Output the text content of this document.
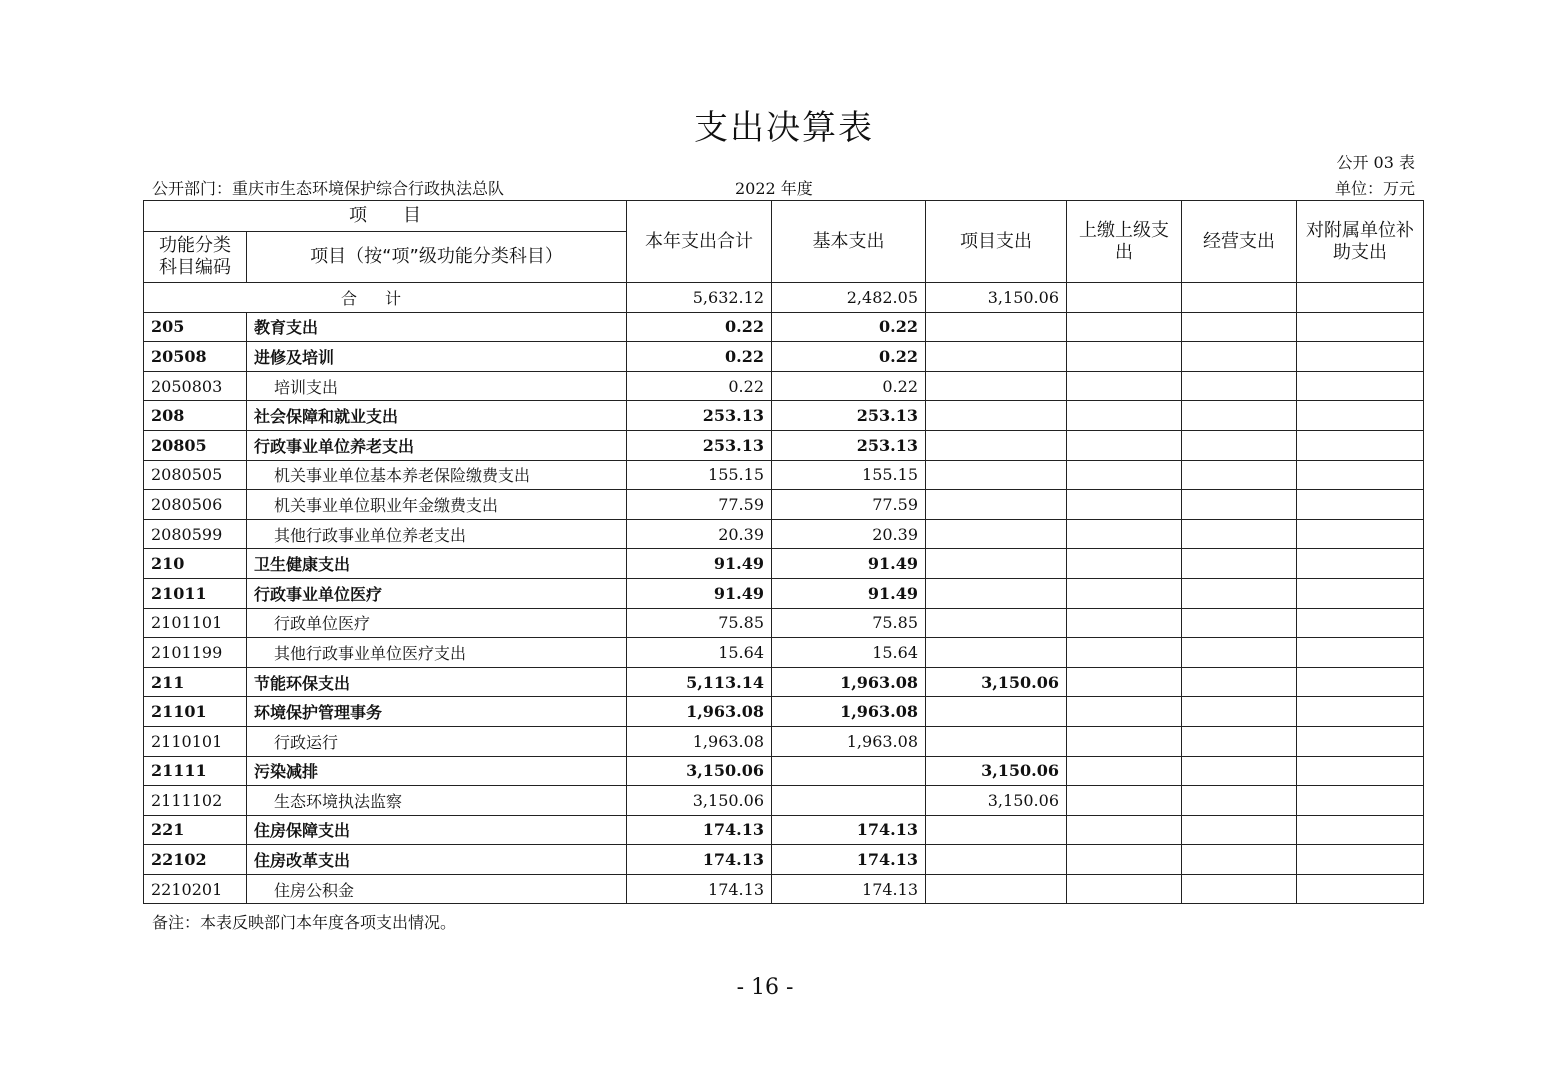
支出决算表
公开 03 表
公开部门：重庆市生态环境保护综合行政执法总队	2022 年度	单位：万元
项　　目		本年支出合计	基本支出	项目支出	上缴上级支　　出	经营支出	对附属单位补助支出
功能分类科目编码	项目（按“项”级功能分类科目）						
合计		5,632.12	2,482.05	3,150.06			
205	教育支出	0.22	0.22				
20508	进修及培训	0.22	0.22				
2050803	培训支出	0.22	0.22				
208	社会保障和就业支出	253.13	253.13				
20805	行政事业单位养老支出	253.13	253.13				
2080505	机关事业单位基本养老保险缴费支出	155.15	155.15				
2080506	机关事业单位职业年金缴费支出	77.59	77.59				
2080599	其他行政事业单位养老支出	20.39	20.39				
210	卫生健康支出	91.49	91.49				
21011	行政事业单位医疗	91.49	91.49				
2101101	行政单位医疗	75.85	75.85				
2101199	其他行政事业单位医疗支出	15.64	15.64				
211	节能环保支出	5,113.14	1,963.08	3,150.06			
21101	环境保护管理事务	1,963.08	1,963.08				
2110101	行政运行	1,963.08	1,963.08				
21111	污染减排	3,150.06		3,150.06			
2111102	生态环境执法监察	3,150.06		3,150.06			
221	住房保障支出	174.13	174.13				
22102	住房改革支出	174.13	174.13				
2210201	住房公积金	174.13	174.13				
备注：本表反映部门本年度各项支出情况。
- 16 -
